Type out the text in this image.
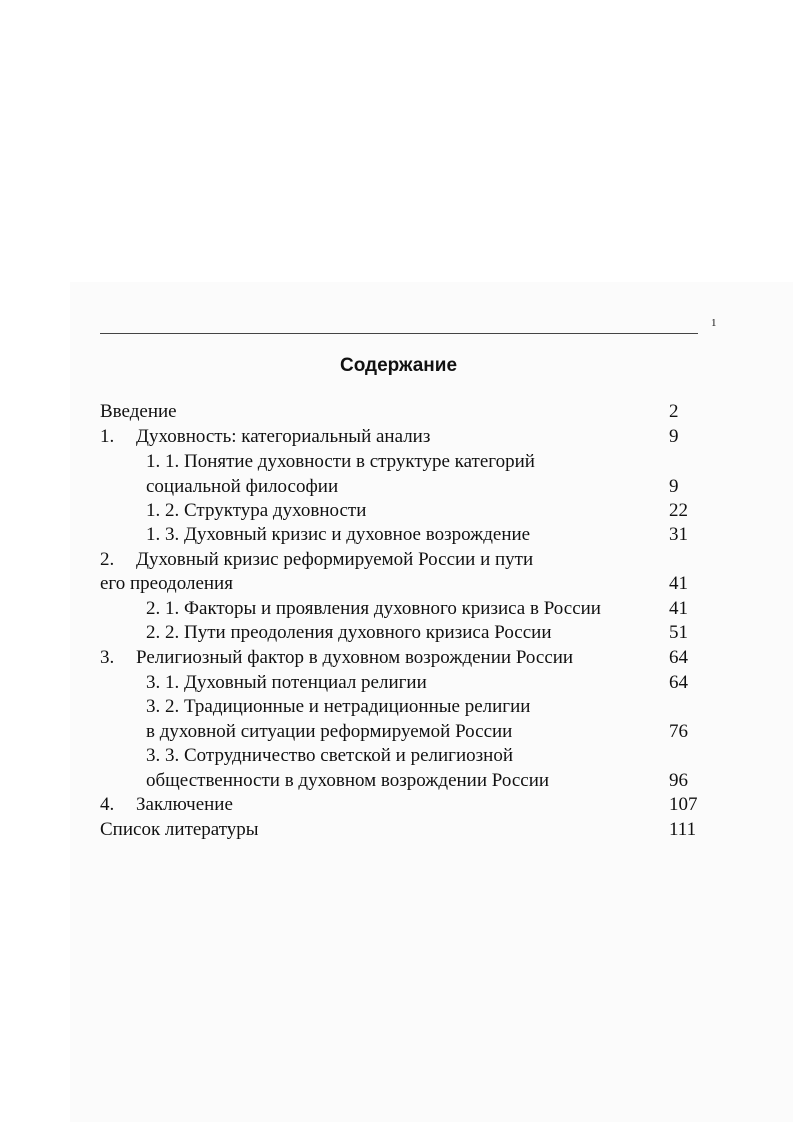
1
Содержание
Введение	2
1. Духовность: категориальный анализ	9
1. 1. Понятие духовности в структуре категорий
социальной философии	9
1. 2. Структура духовности	22
1. 3. Духовный кризис и духовное возрождение	31
2. Духовный кризис реформируемой России и пути
его преодоления	41
2. 1. Факторы и проявления духовного кризиса в России	41
2. 2. Пути преодоления духовного кризиса России	51
3. Религиозный фактор в духовном возрождении России	64
3. 1. Духовный потенциал религии	64
3. 2. Традиционные и нетрадиционные религии
в духовной ситуации реформируемой России	76
3. 3. Сотрудничество светской и религиозной
общественности в духовном возрождении России	96
4. Заключение	107
Список литературы	111
